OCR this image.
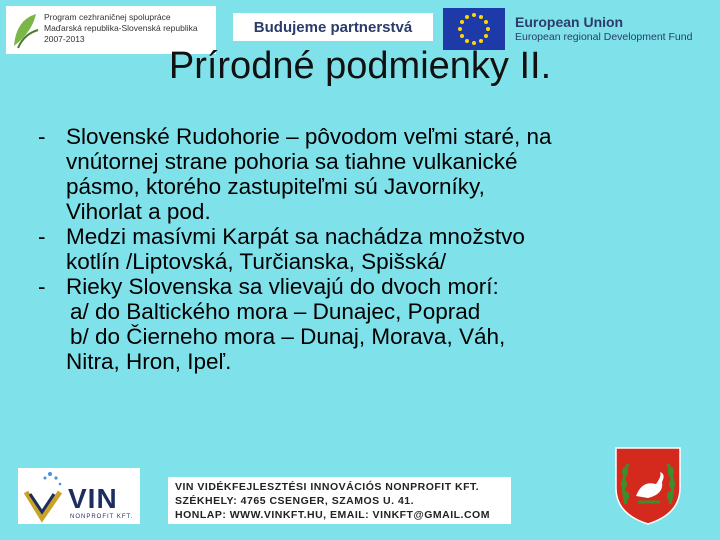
Program cezhraničnej spolupráce
Maďarská republika-Slovenská republika
2007-2013
Budujeme partnerstvá	European Union
European regional Development Fund
Prírodné podmienky II.
- Slovenské Rudohorie – pôvodom veľmi staré, na
vnútornej strane pohoria sa tiahne vulkanické
pásmo, ktorého zastupiteľmi sú Javorníky,
Vihorlat a pod.
- Medzi masívmi Karpát sa nachádza množstvo
kotlín /Liptovská, Turčianska, Spišská/
- Rieky Slovenska sa vlievajú do dvoch morí:
a/ do Baltického mora – Dunajec, Poprad
b/ do Čierneho mora – Dunaj, Morava, Váh,
Nitra, Hron, Ipeľ.
VIN
NONPROFIT KFT.
VIN VIDÉKFEJLESZTÉSI INNOVÁCIÓS NONPROFIT KFT.
SZÉKHELY: 4765 CSENGER, SZAMOS U. 41.
HONLAP: WWW.VINKFT.HU, EMAIL: VINKFT@GMAIL.COM
